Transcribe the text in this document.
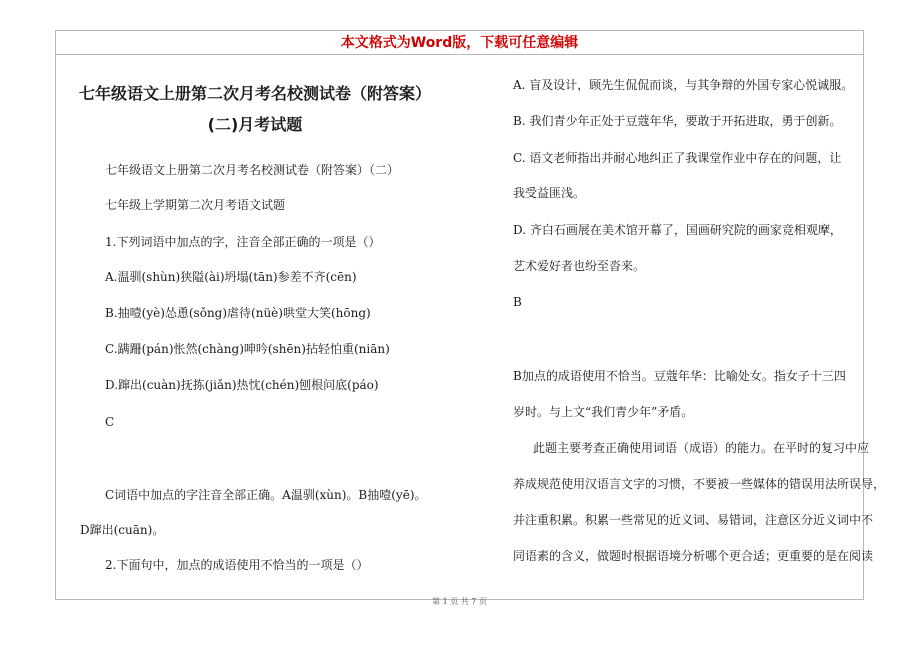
本文格式为Word版，下载可任意编辑
七年级语文上册第二次月考名校测试卷（附答案）
(二)月考试题
七年级语文上册第二次月考名校测试卷（附答案）（二）
七年级上学期第二次月考语文试题
1.下列词语中加点的字，注音全部正确的一项是（）
A.温驯(shùn)狭隘(ài)坍塌(tān)参差不齐(cēn)
B.抽噎(yè)怂恿(sǒng)虐待(nüè)哄堂大笑(hōng)
C.蹒跚(pán)怅然(chàng)呻吟(shēn)拈轻怕重(niān)
D.蹿出(cuàn)抚拣(jiǎn)热忱(chén)刨根问底(páo)
C
C词语中加点的字注音全部正确。A温驯(xùn)。B抽噎(yē)。
D蹿出(cuān)。
2.下面句中，加点的成语使用不恰当的一项是（）
A. 盲及设计，顾先生侃侃而谈，与其争辩的外国专家心悦诚服。
B. 我们青少年正处于豆蔻年华，要敢于开拓进取，勇于创新。
C. 语文老师指出并耐心地纠正了我课堂作业中存在的问题，让
我受益匪浅。
D. 齐白石画展在美术馆开幕了，国画研究院的画家竞相观摩，
艺术爱好者也纷至沓来。
B
B加点的成语使用不恰当。豆蔻年华：比喻处女。指女子十三四
岁时。与上文“我们青少年”矛盾。
此题主要考查正确使用词语（成语）的能力。在平时的复习中应
养成规范使用汉语言文字的习惯，不要被一些媒体的错误用法所误导，
并注重积累。积累一些常见的近义词、易错词，注意区分近义词中不
同语素的含义，做题时根据语境分析哪个更合适；更重要的是在阅读
第 1 页 共 7 页
